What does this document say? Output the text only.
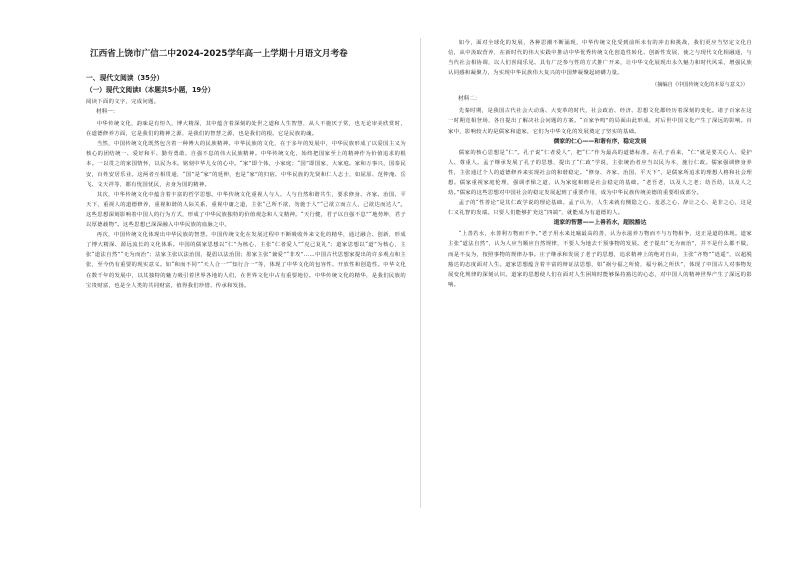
江西省上饶市广信二中2024-2025学年高一上学期十月语文月考卷
一、现代文阅读（35分）
（一）现代文阅读Ⅰ（本题共5小题，19分）

阅读下面的文字，完成问题。

材料一：

中华传统文化，韵味是有恒久，博大精深，其中蕴含着深刻的处世之道和人生智慧，从人不施厌于常，也无论审美欣赏时，在道德修养方面，它是我们的精神之源，是我们的智慧之源，也是我们的根。它是民族的魂。

当然，中国传统文化既然包含着一种博大的民族精神。中华民族的文化，在于多年的发展中，中华民族形成了以爱国主义为核心的团结统一、爱好和平、勤劳勇敢、自强不息的伟大民族精神。中华传统文化，始终把国家至上的精神作为价值追求的根本。一以贯之的家国情怀，以民为本。铭刻中华儿女的心中。“家”即个体，小家庭；“国”即国家，大家庭。家和万事兴，国泰民安，百姓安居乐业。这两者互相贯通，“国”是“家”的延伸，也是“家”的归宿。中华民族的先贤和仁人志士，如屈原、范仲淹、岳飞、文天祥等，都有忧国忧民，舍身为国的精神。

其次，中华传统文化中蕴含着丰富的哲学思想。中华传统文化重视人与人、人与自然和谐共生，要求修身、齐家、治国、平天下，重视人的道德修养，重视和谐的人际关系，重视中庸之道，主张“己所不欲，勿施于人”“己欲立而立人，己欲达而达人”。这些思想深刻影响着中国人的行为方式，形成了中华民族独特的价值观念和人文精神。“天行健，君子以自强不息”“地势坤，君子以厚德载物”。这些思想已深深融入中华民族的血脉之中。

再次，中国传统文化体现出中华民族的智慧。中国传统文化在发展过程中不断吸收外来文化的精华，通过融合、创新，形成了博大精深、源远流长的文化体系。中国的儒家思想以“仁”为核心，主张“仁者爱人”“克己复礼”；道家思想以“道”为核心，主张“道法自然”“无为而治”；法家主张以法治国，提倡以法治国；墨家主张“兼爱”“非攻”……中国古代思想家提出的许多观点和主张，至今仍有重要的现实意义。如“和而不同”“天人合一”“知行合一”等，体现了中华文化的包容性、开放性和创造性。中华文化在数千年的发展中，以其独特的魅力吸引着世界各地的人们，在世界文化中占有重要地位。中华传统文化的精华，是我们民族的宝贵财富，也是全人类的共同财富，值得我们珍惜、传承和发扬。

如今，面对全球化的发展，各种思潮不断涌现，中华传统文化受到前所未有的冲击和挑战，我们更应当坚定文化自信，从中汲取营养，在新时代的伟大实践中推动中华优秀传统文化创造性转化、创新性发展，使之与现代文化相融通，与当代社会相协调，以人们喜闻乐见、具有广泛参与性的方式推广开来，让中华文化展现出永久魅力和时代风采，增强民族认同感和凝聚力，为实现中华民族伟大复兴的中国梦凝聚起磅礴力量。

（摘编自《中国传统文化的本原与意义》）
材料二：

先秦时期，是我国古代社会大动荡、大变革的时代，社会政治、经济、思想文化都经历着深刻的变化。诸子百家在这一时期竞相登场，各自提出了解决社会问题的方案。“百家争鸣”的局面由此形成，对后世中国文化产生了深远的影响。百家中，影响较大的是儒家和道家，它们为中华文化的发展奠定了坚实的基础。

儒家的仁心——和谐有序，稳定发展

儒家的核心思想是“仁”。孔子说“仁者爱人”，把“仁”作为最高的道德标准。在孔子看来，“仁”就是要关心人、爱护人、尊重人。孟子继承发展了孔子的思想，提出了“仁政”学说，主张统治者应当以民为本，施行仁政。儒家强调修身养性，主张通过个人的道德修养来实现社会的和谐稳定。“修身、齐家、治国、平天下”，是儒家所追求的理想人格和社会理想。儒家重视家庭伦理，强调孝悌之道，认为家庭和睦是社会稳定的基础。“老吾老，以及人之老；幼吾幼，以及人之幼。”儒家的这些思想对中国社会的稳定发展起到了重要作用，成为中华民族传统美德的重要组成部分。

孟子的“性善论”是其仁政学说的理论基础。孟子认为，人生来就有恻隐之心、羞恶之心、辞让之心、是非之心，这是仁义礼智的发端。只要人们能够扩充这“四端”，就能成为有道德的人。

道家的智慧——上善若水，超脱豁达

“上善若水，水善利万物而不争。”老子用水来比喻最高的善，认为水滋养万物而不与万物相争，这正是道的体现。道家主张“道法自然”，认为人应当顺应自然规律，不要人为地去干预事物的发展。老子提出“无为而治”，并不是什么都不做，而是不妄为，按照事物的规律办事。庄子继承和发展了老子的思想，追求精神上的绝对自由，主张“齐物”“逍遥”，以超脱豁达的态度面对人生。道家思想蕴含着丰富的辩证法思想，如“祸兮福之所倚，福兮祸之所伏”，体现了中国古人对事物发展变化规律的深刻认识。道家的思想使人们在面对人生困境时能够保持豁达的心态，对中国人的精神世界产生了深远的影响。
